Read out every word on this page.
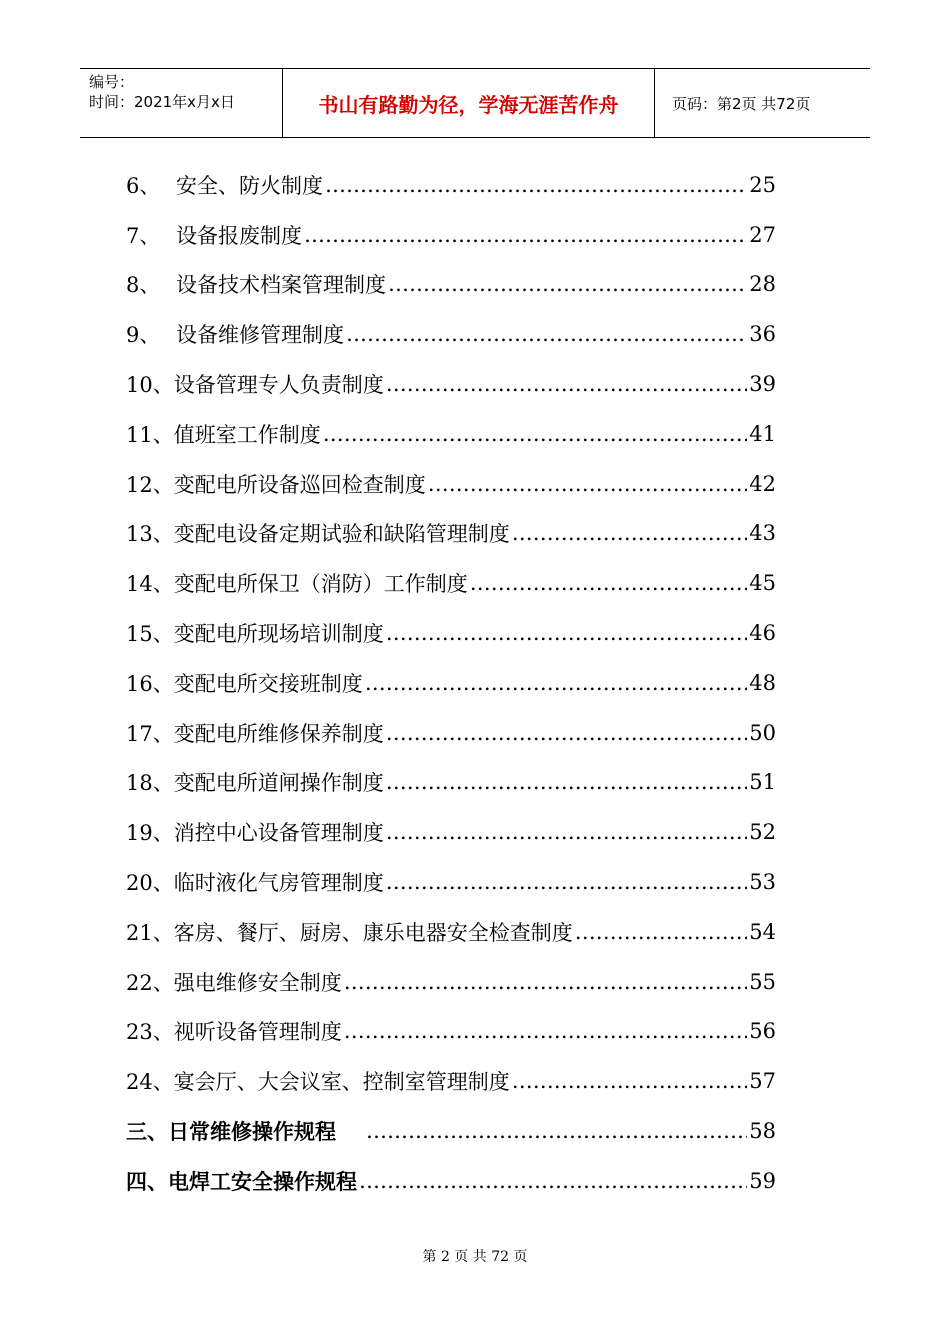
编号：
时间：2021年x月x日	书山有路勤为径，学海无涯苦作舟	页码：第2页 共72页
6、 安全、防火制度 ……………………………………………………………………………………………………………………………………	25
7、 设备报废制度 ……………………………………………………………………………………………………………………………………	27
8、 设备技术档案管理制度 ……………………………………………………………………………………………………………………………………	28
9、 设备维修管理制度 ……………………………………………………………………………………………………………………………………	36
10、 设备管理专人负责制度 ……………………………………………………………………………………………………………………………………	39
11、 值班室工作制度 ……………………………………………………………………………………………………………………………………	41
12、 变配电所设备巡回检查制度 ……………………………………………………………………………………………………………………………………	42
13、 变配电设备定期试验和缺陷管理制度 ……………………………………………………………………………………………………………………………………	43
14、 变配电所保卫（消防）工作制度 ……………………………………………………………………………………………………………………………………	45
15、 变配电所现场培训制度 ……………………………………………………………………………………………………………………………………	46
16、 变配电所交接班制度 ……………………………………………………………………………………………………………………………………	48
17、 变配电所维修保养制度 ……………………………………………………………………………………………………………………………………	50
18、 变配电所道闸操作制度 ……………………………………………………………………………………………………………………………………	51
19、 消控中心设备管理制度 ……………………………………………………………………………………………………………………………………	52
20、 临时液化气房管理制度 ……………………………………………………………………………………………………………………………………	53
21、 客房、餐厅、厨房、康乐电器安全检查制度 ……………………………………………………………………………………………………………………………………	54
22、 强电维修安全制度 ……………………………………………………………………………………………………………………………………	55
23、 视听设备管理制度 ……………………………………………………………………………………………………………………………………	56
24、 宴会厅、大会议室、控制室管理制度 ……………………………………………………………………………………………………………………………………	57
三、 日常维修操作规程 ……………………………………………………………………………………………………………………………………	58
四、 电焊工安全操作规程 ……………………………………………………………………………………………………………………………………	59
第 2 页 共 72 页
